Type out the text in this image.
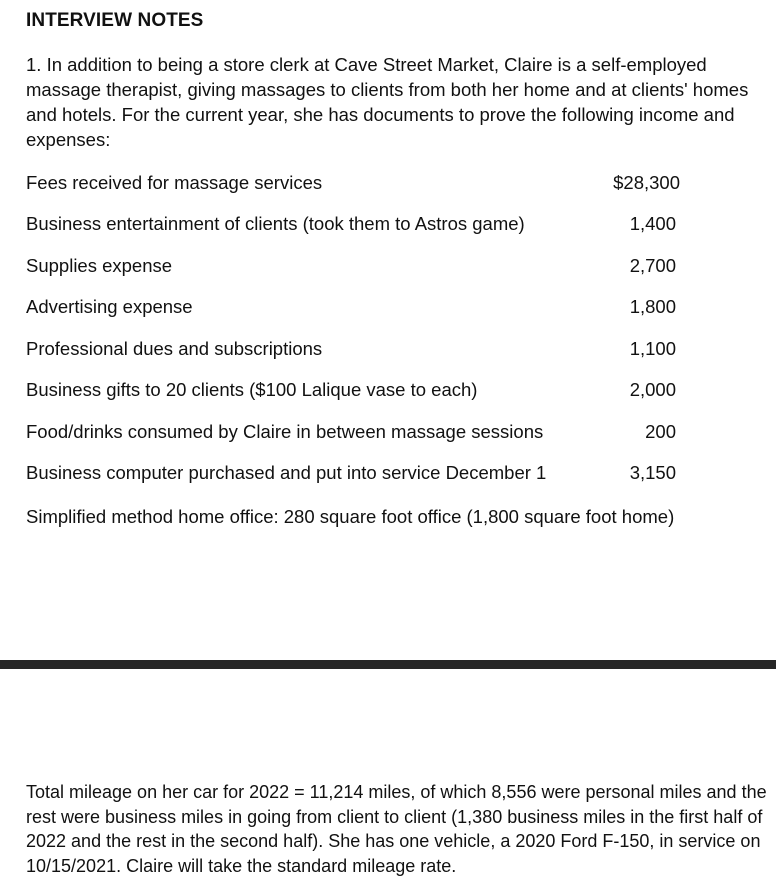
INTERVIEW NOTES
1. In addition to being a store clerk at Cave Street Market, Claire is a self-employed massage therapist, giving massages to clients from both her home and at clients' homes and hotels. For the current year, she has documents to prove the following income and expenses:
Fees received for massage services	$28,300
Business entertainment of clients (took them to Astros game)	1,400
Supplies expense	2,700
Advertising expense	1,800
Professional dues and subscriptions	1,100
Business gifts to 20 clients ($100 Lalique vase to each)	2,000
Food/drinks consumed by Claire in between massage sessions	200
Business computer purchased and put into service December 1	3,150
Simplified method home office: 280 square foot office (1,800 square foot home)
Total mileage on her car for 2022 = 11,214 miles, of which 8,556 were personal miles and the rest were business miles in going from client to client (1,380 business miles in the first half of 2022 and the rest in the second half). She has one vehicle, a 2020 Ford F-150, in service on 10/15/2021. Claire will take the standard mileage rate.
